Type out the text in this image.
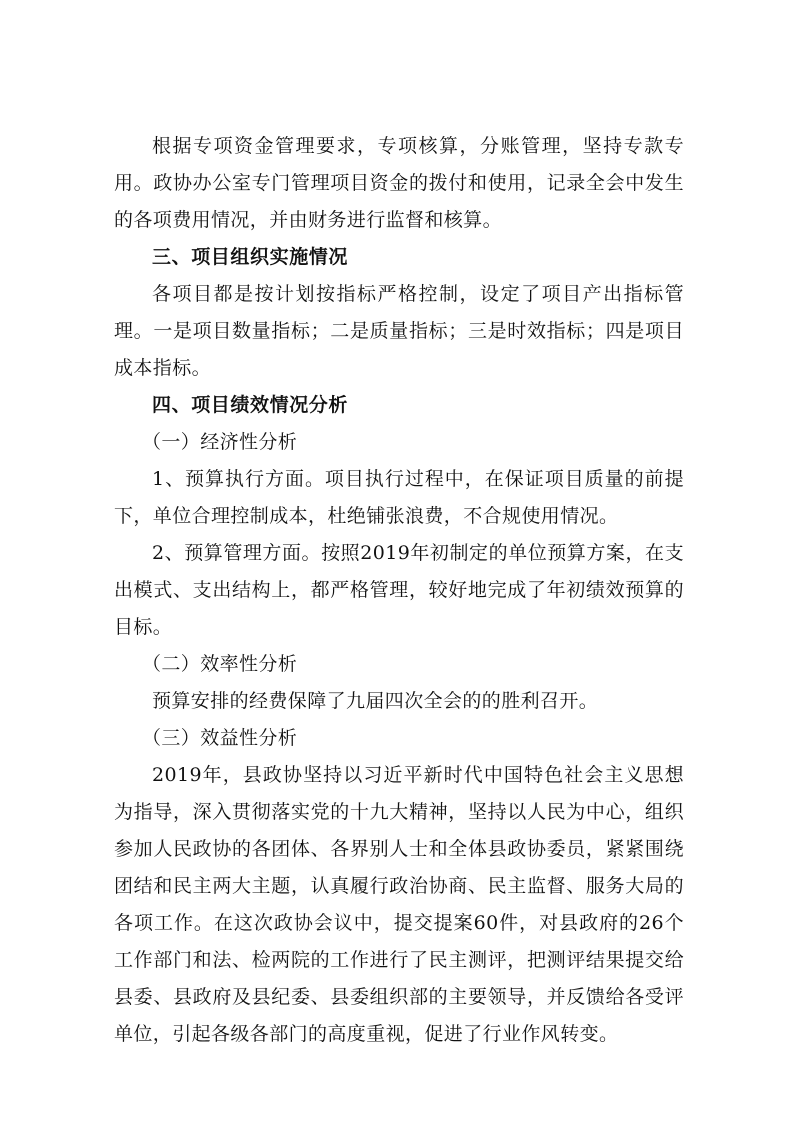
根据专项资金管理要求，专项核算，分账管理，坚持专款专用。政协办公室专门管理项目资金的拨付和使用，记录全会中发生的各项费用情况，并由财务进行监督和核算。

三、项目组织实施情况

各项目都是按计划按指标严格控制，设定了项目产出指标管理。一是项目数量指标；二是质量指标；三是时效指标；四是项目成本指标。

四、项目绩效情况分析

（一）经济性分析

1、预算执行方面。项目执行过程中，在保证项目质量的前提下，单位合理控制成本，杜绝铺张浪费，不合规使用情况。

2、预算管理方面。按照2019年初制定的单位预算方案，在支出模式、支出结构上，都严格管理，较好地完成了年初绩效预算的目标。

（二）效率性分析

预算安排的经费保障了九届四次全会的的胜利召开。

（三）效益性分析

2019年，县政协坚持以习近平新时代中国特色社会主义思想为指导，深入贯彻落实党的十九大精神，坚持以人民为中心，组织参加人民政协的各团体、各界别人士和全体县政协委员，紧紧围绕团结和民主两大主题，认真履行政治协商、民主监督、服务大局的各项工作。在这次政协会议中，提交提案60件，对县政府的26个工作部门和法、检两院的工作进行了民主测评，把测评结果提交给县委、县政府及县纪委、县委组织部的主要领导，并反馈给各受评单位，引起各级各部门的高度重视，促进了行业作风转变。
